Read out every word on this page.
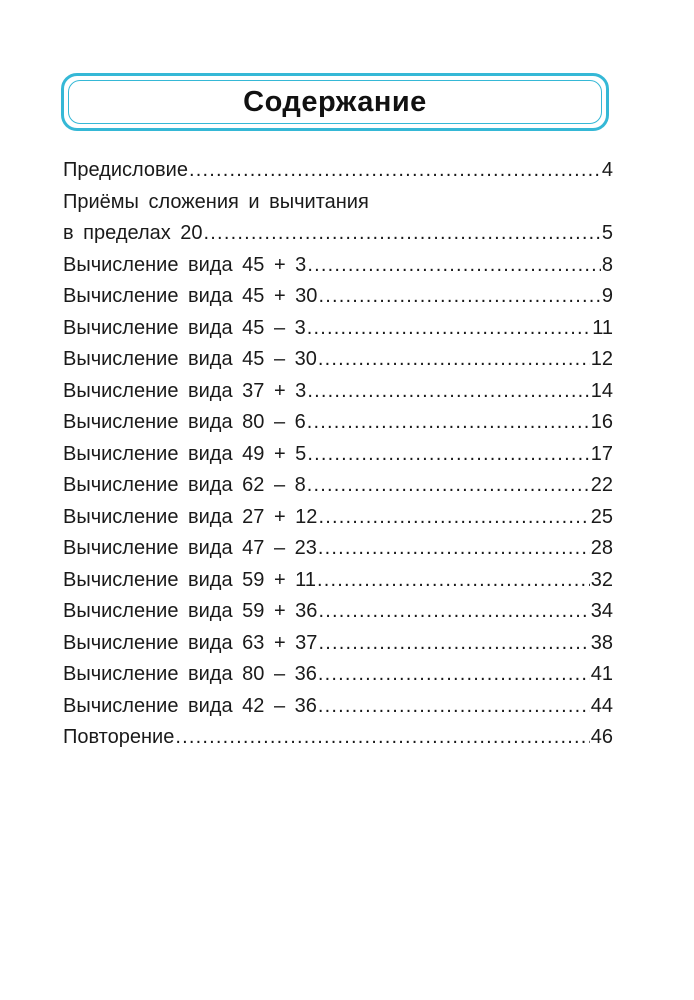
Содержание
Предисловие .....	4
Приёмы сложения и вычитания
в пределах 20 .....	5
Вычисление вида 45 + 3 .....	8
Вычисление вида 45 + 30 .....	9
Вычисление вида 45 – 3 .....	11
Вычисление вида 45 – 30 .....	12
Вычисление вида 37 + 3 .....	14
Вычисление вида 80 – 6 .....	16
Вычисление вида 49 + 5 .....	17
Вычисление вида 62 – 8 .....	22
Вычисление вида 27 + 12 .....	25
Вычисление вида 47 – 23 .....	28
Вычисление вида 59 + 11 .....	32
Вычисление вида 59 + 36 .....	34
Вычисление вида 63 + 37 .....	38
Вычисление вида 80 – 36 .....	41
Вычисление вида 42 – 36 .....	44
Повторение .....	46
